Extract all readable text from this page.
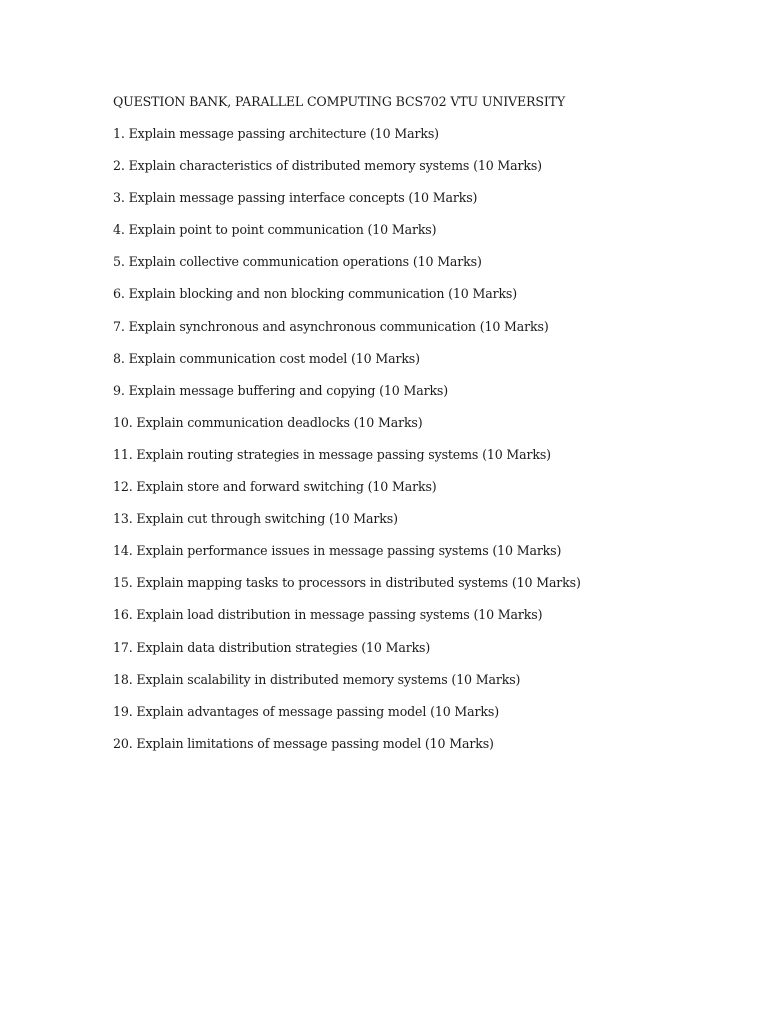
QUESTION BANK, PARALLEL COMPUTING BCS702 VTU UNIVERSITY

1. Explain message passing architecture (10 Marks)

2. Explain characteristics of distributed memory systems (10 Marks)

3. Explain message passing interface concepts (10 Marks)

4. Explain point to point communication (10 Marks)

5. Explain collective communication operations (10 Marks)

6. Explain blocking and non blocking communication (10 Marks)

7. Explain synchronous and asynchronous communication (10 Marks)

8. Explain communication cost model (10 Marks)

9. Explain message buffering and copying (10 Marks)

10. Explain communication deadlocks (10 Marks)

11. Explain routing strategies in message passing systems (10 Marks)

12. Explain store and forward switching (10 Marks)

13. Explain cut through switching (10 Marks)

14. Explain performance issues in message passing systems (10 Marks)

15. Explain mapping tasks to processors in distributed systems (10 Marks)

16. Explain load distribution in message passing systems (10 Marks)

17. Explain data distribution strategies (10 Marks)

18. Explain scalability in distributed memory systems (10 Marks)

19. Explain advantages of message passing model (10 Marks)

20. Explain limitations of message passing model (10 Marks)
